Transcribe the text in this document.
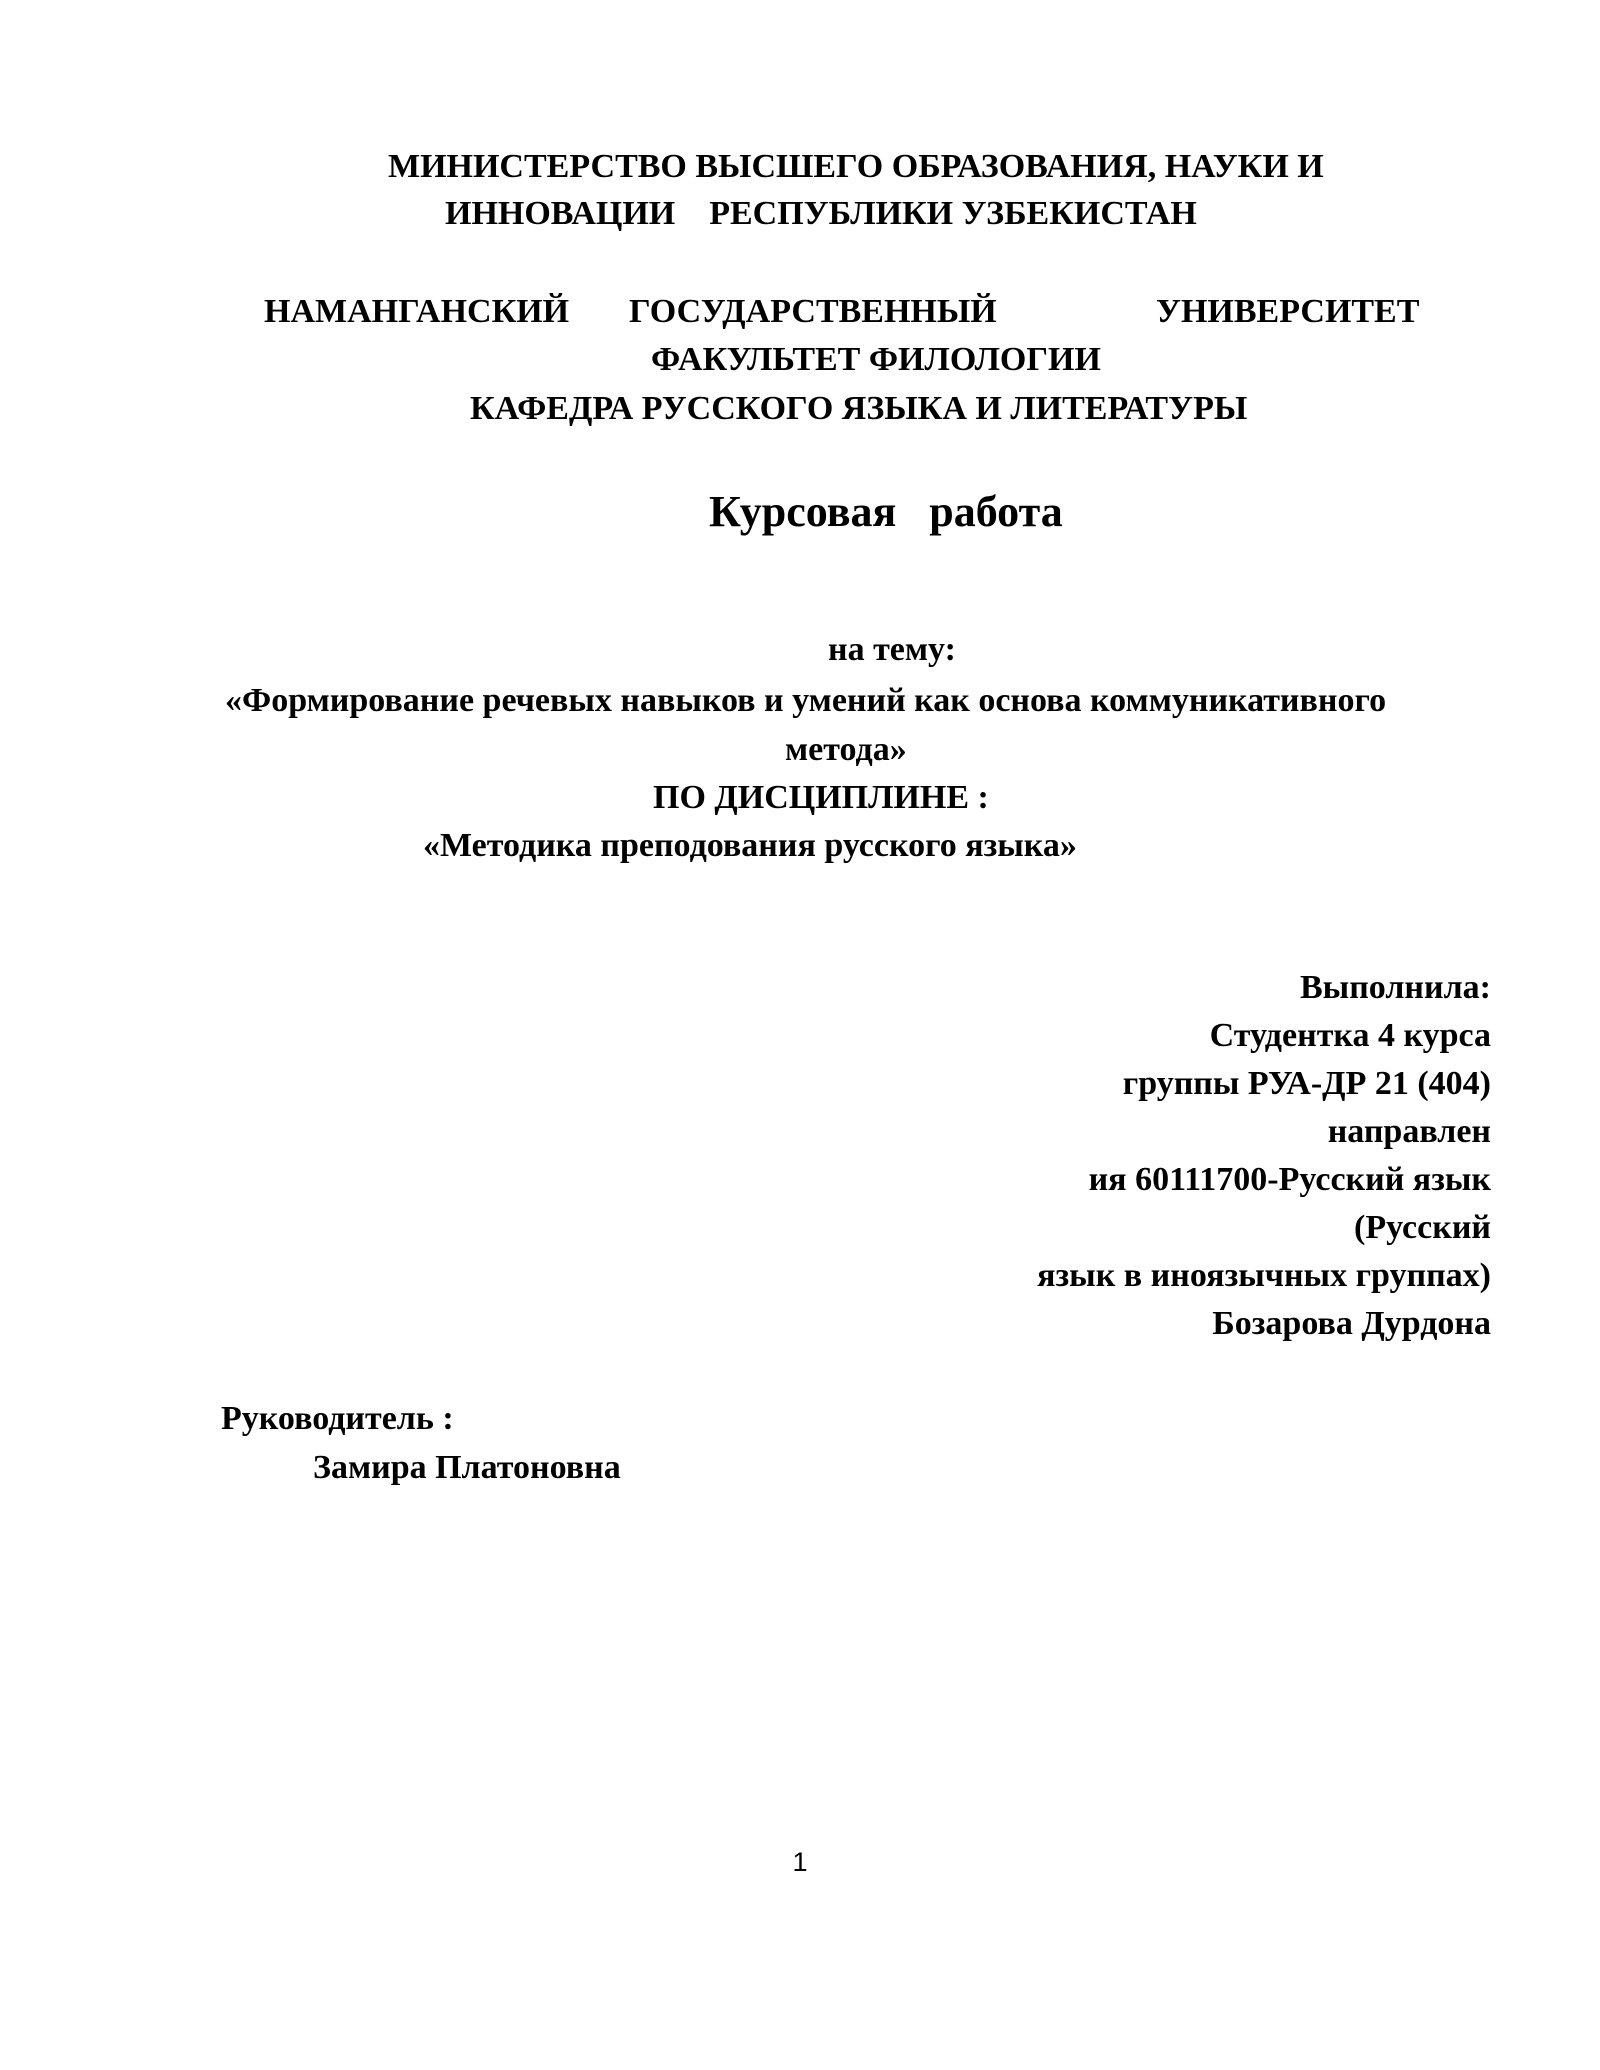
МИНИСТЕРСТВО ВЫСШЕГО ОБРАЗОВАНИЯ, НАУКИ И
ИННОВАЦИИ    РЕСПУБЛИКИ УЗБЕКИСТАН
НАМАНГАНСКИЙ ГОСУДАРСТВЕННЫЙ	УНИВЕРСИТЕТ
ФАКУЛЬТЕТ ФИЛОЛОГИИ
КАФЕДРА РУССКОГО ЯЗЫКА И ЛИТЕРАТУРЫ
Курсовая   работа
на тему:
«Формирование речевых навыков и умений как основа коммуникативного
метода»
ПО ДИСЦИПЛИНЕ :
«Методика преподования русского языка»
Выполнила:
Студентка 4 курса
группы РУА-ДР 21 (404)
направлен
ия 60111700-Русский язык
(Русский
язык в иноязычных группах)
Бозарова Дурдона
Руководитель :
Замира Платоновна
1
